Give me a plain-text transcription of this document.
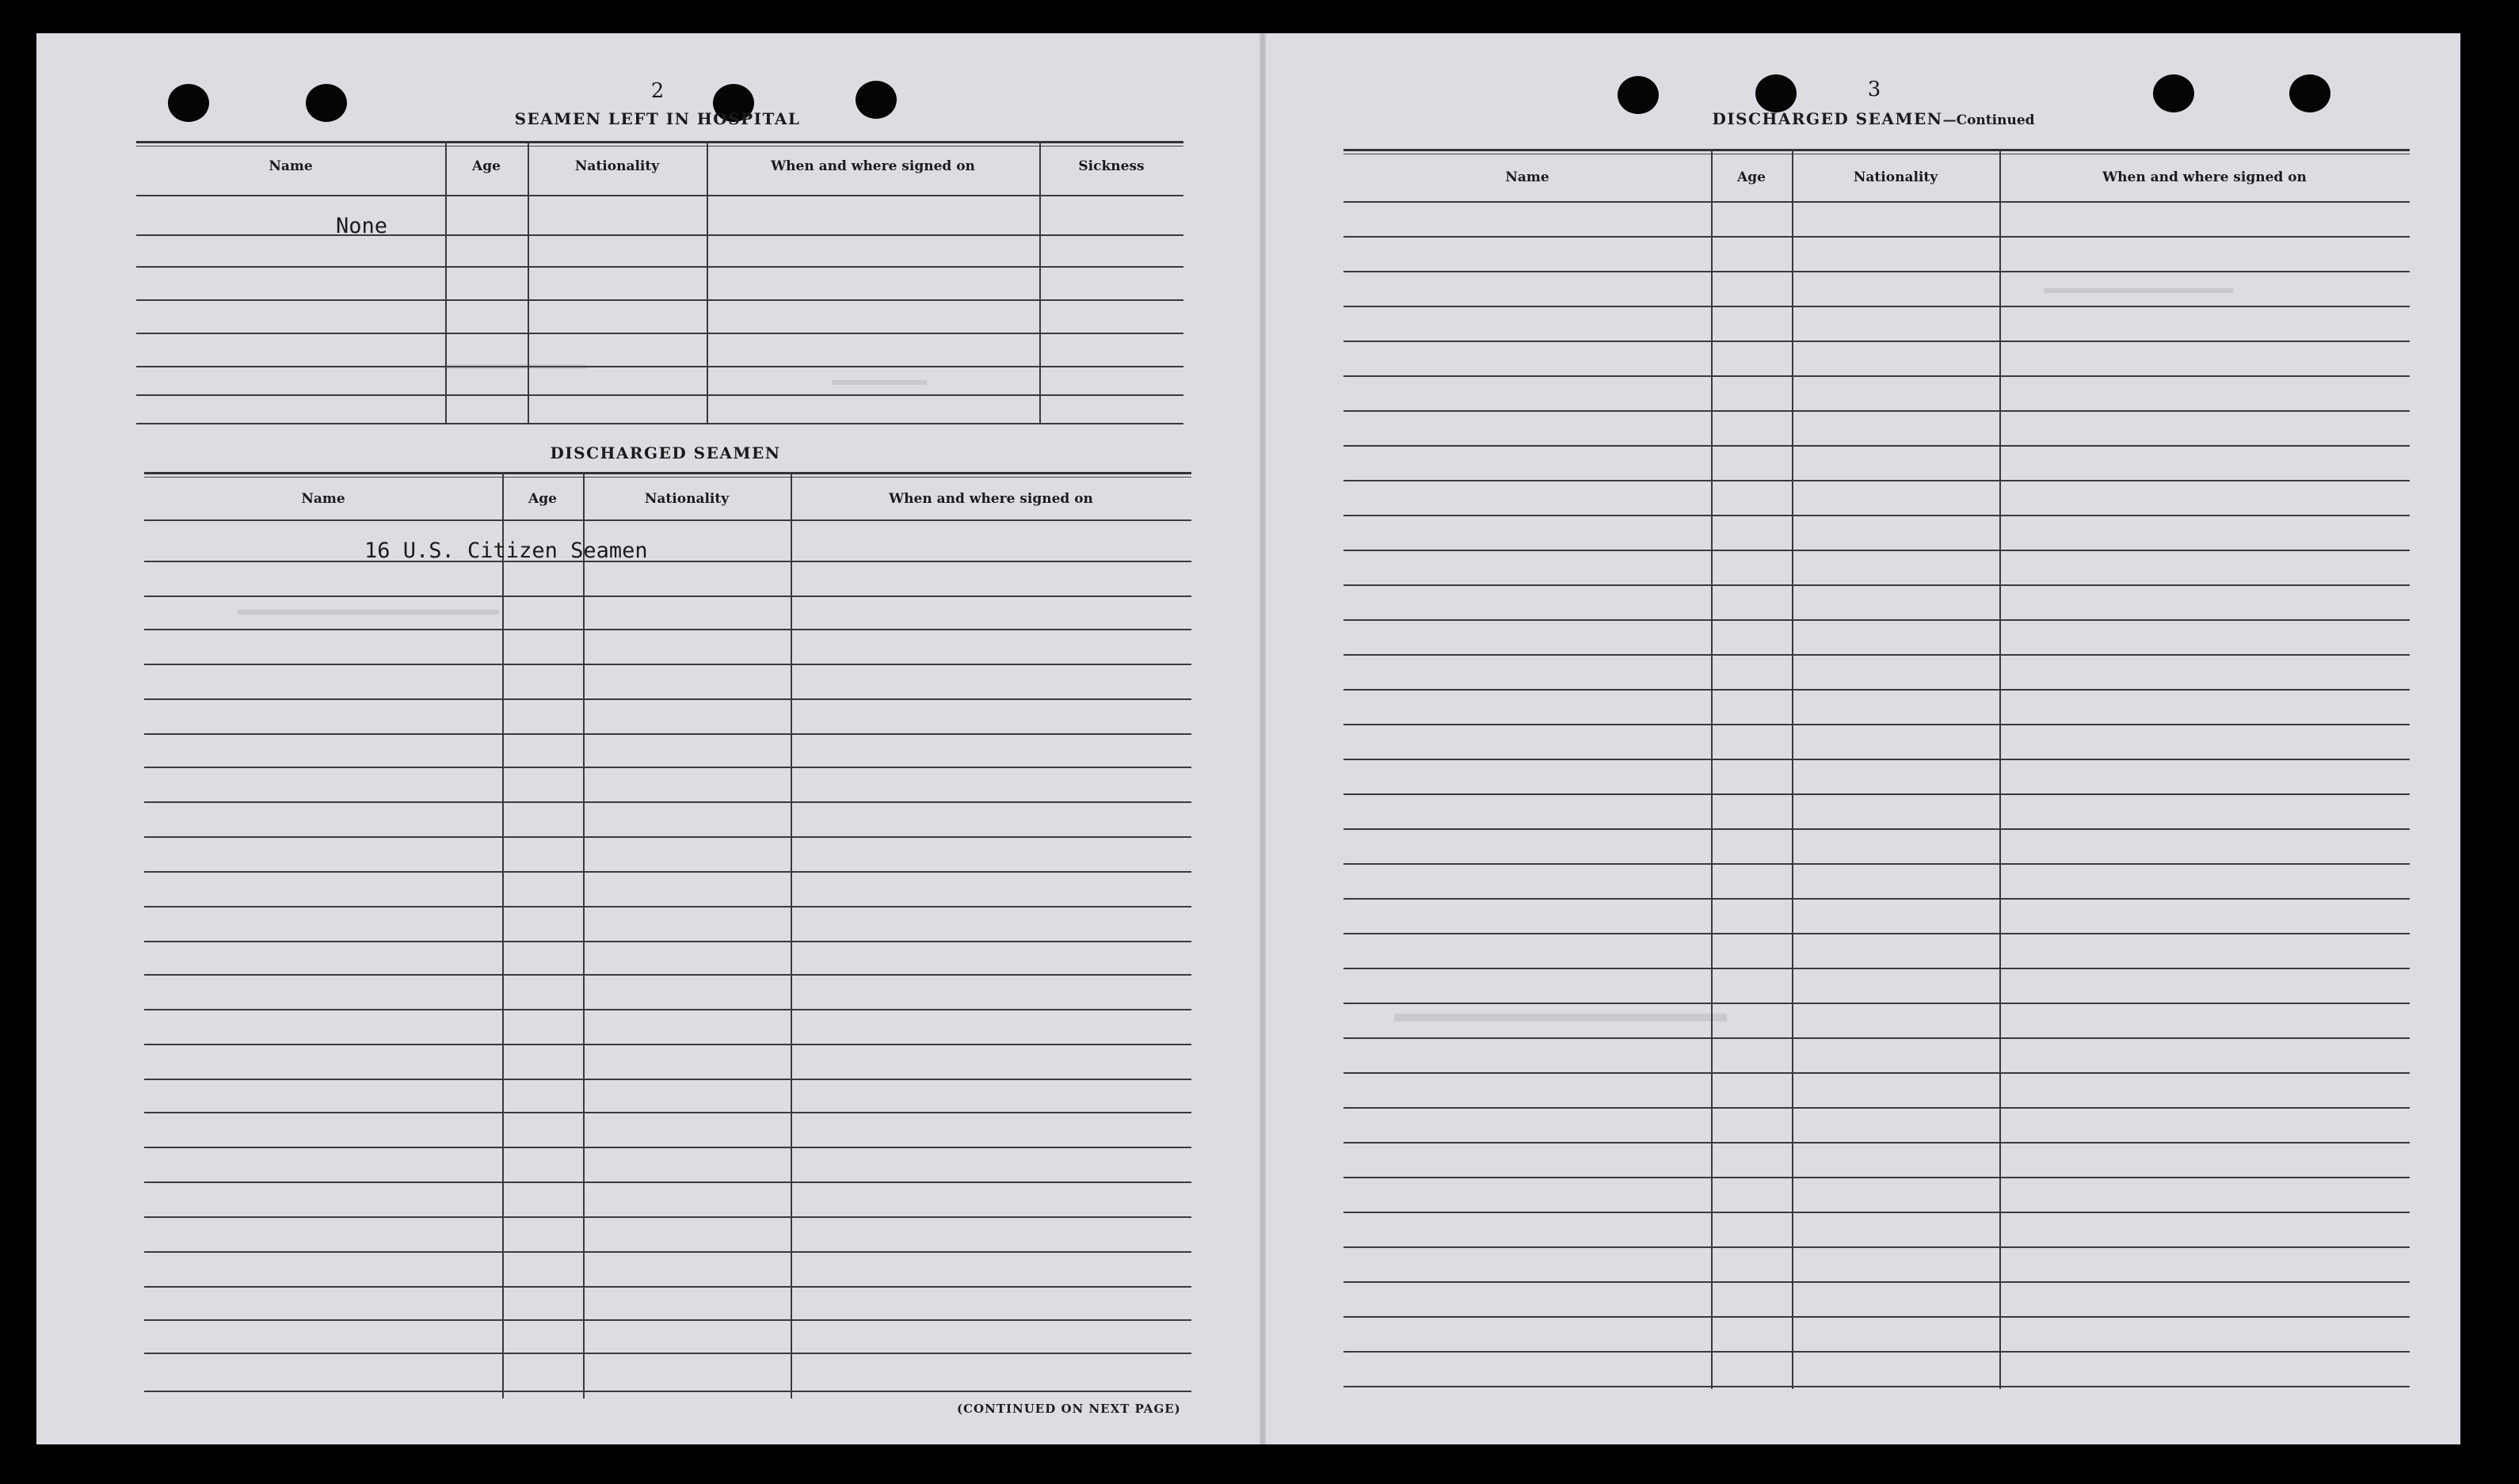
2
SEAMEN LEFT IN HOSPITAL
Name	Age	Nationality	When and where signed on	Sickness
None
DISCHARGED SEAMEN
Name	Age	Nationality	When and where signed on
16 U.S. Citizen Seamen
(CONTINUED ON NEXT PAGE)
3
DISCHARGED SEAMEN—Continued
Name	Age	Nationality	When and where signed on
